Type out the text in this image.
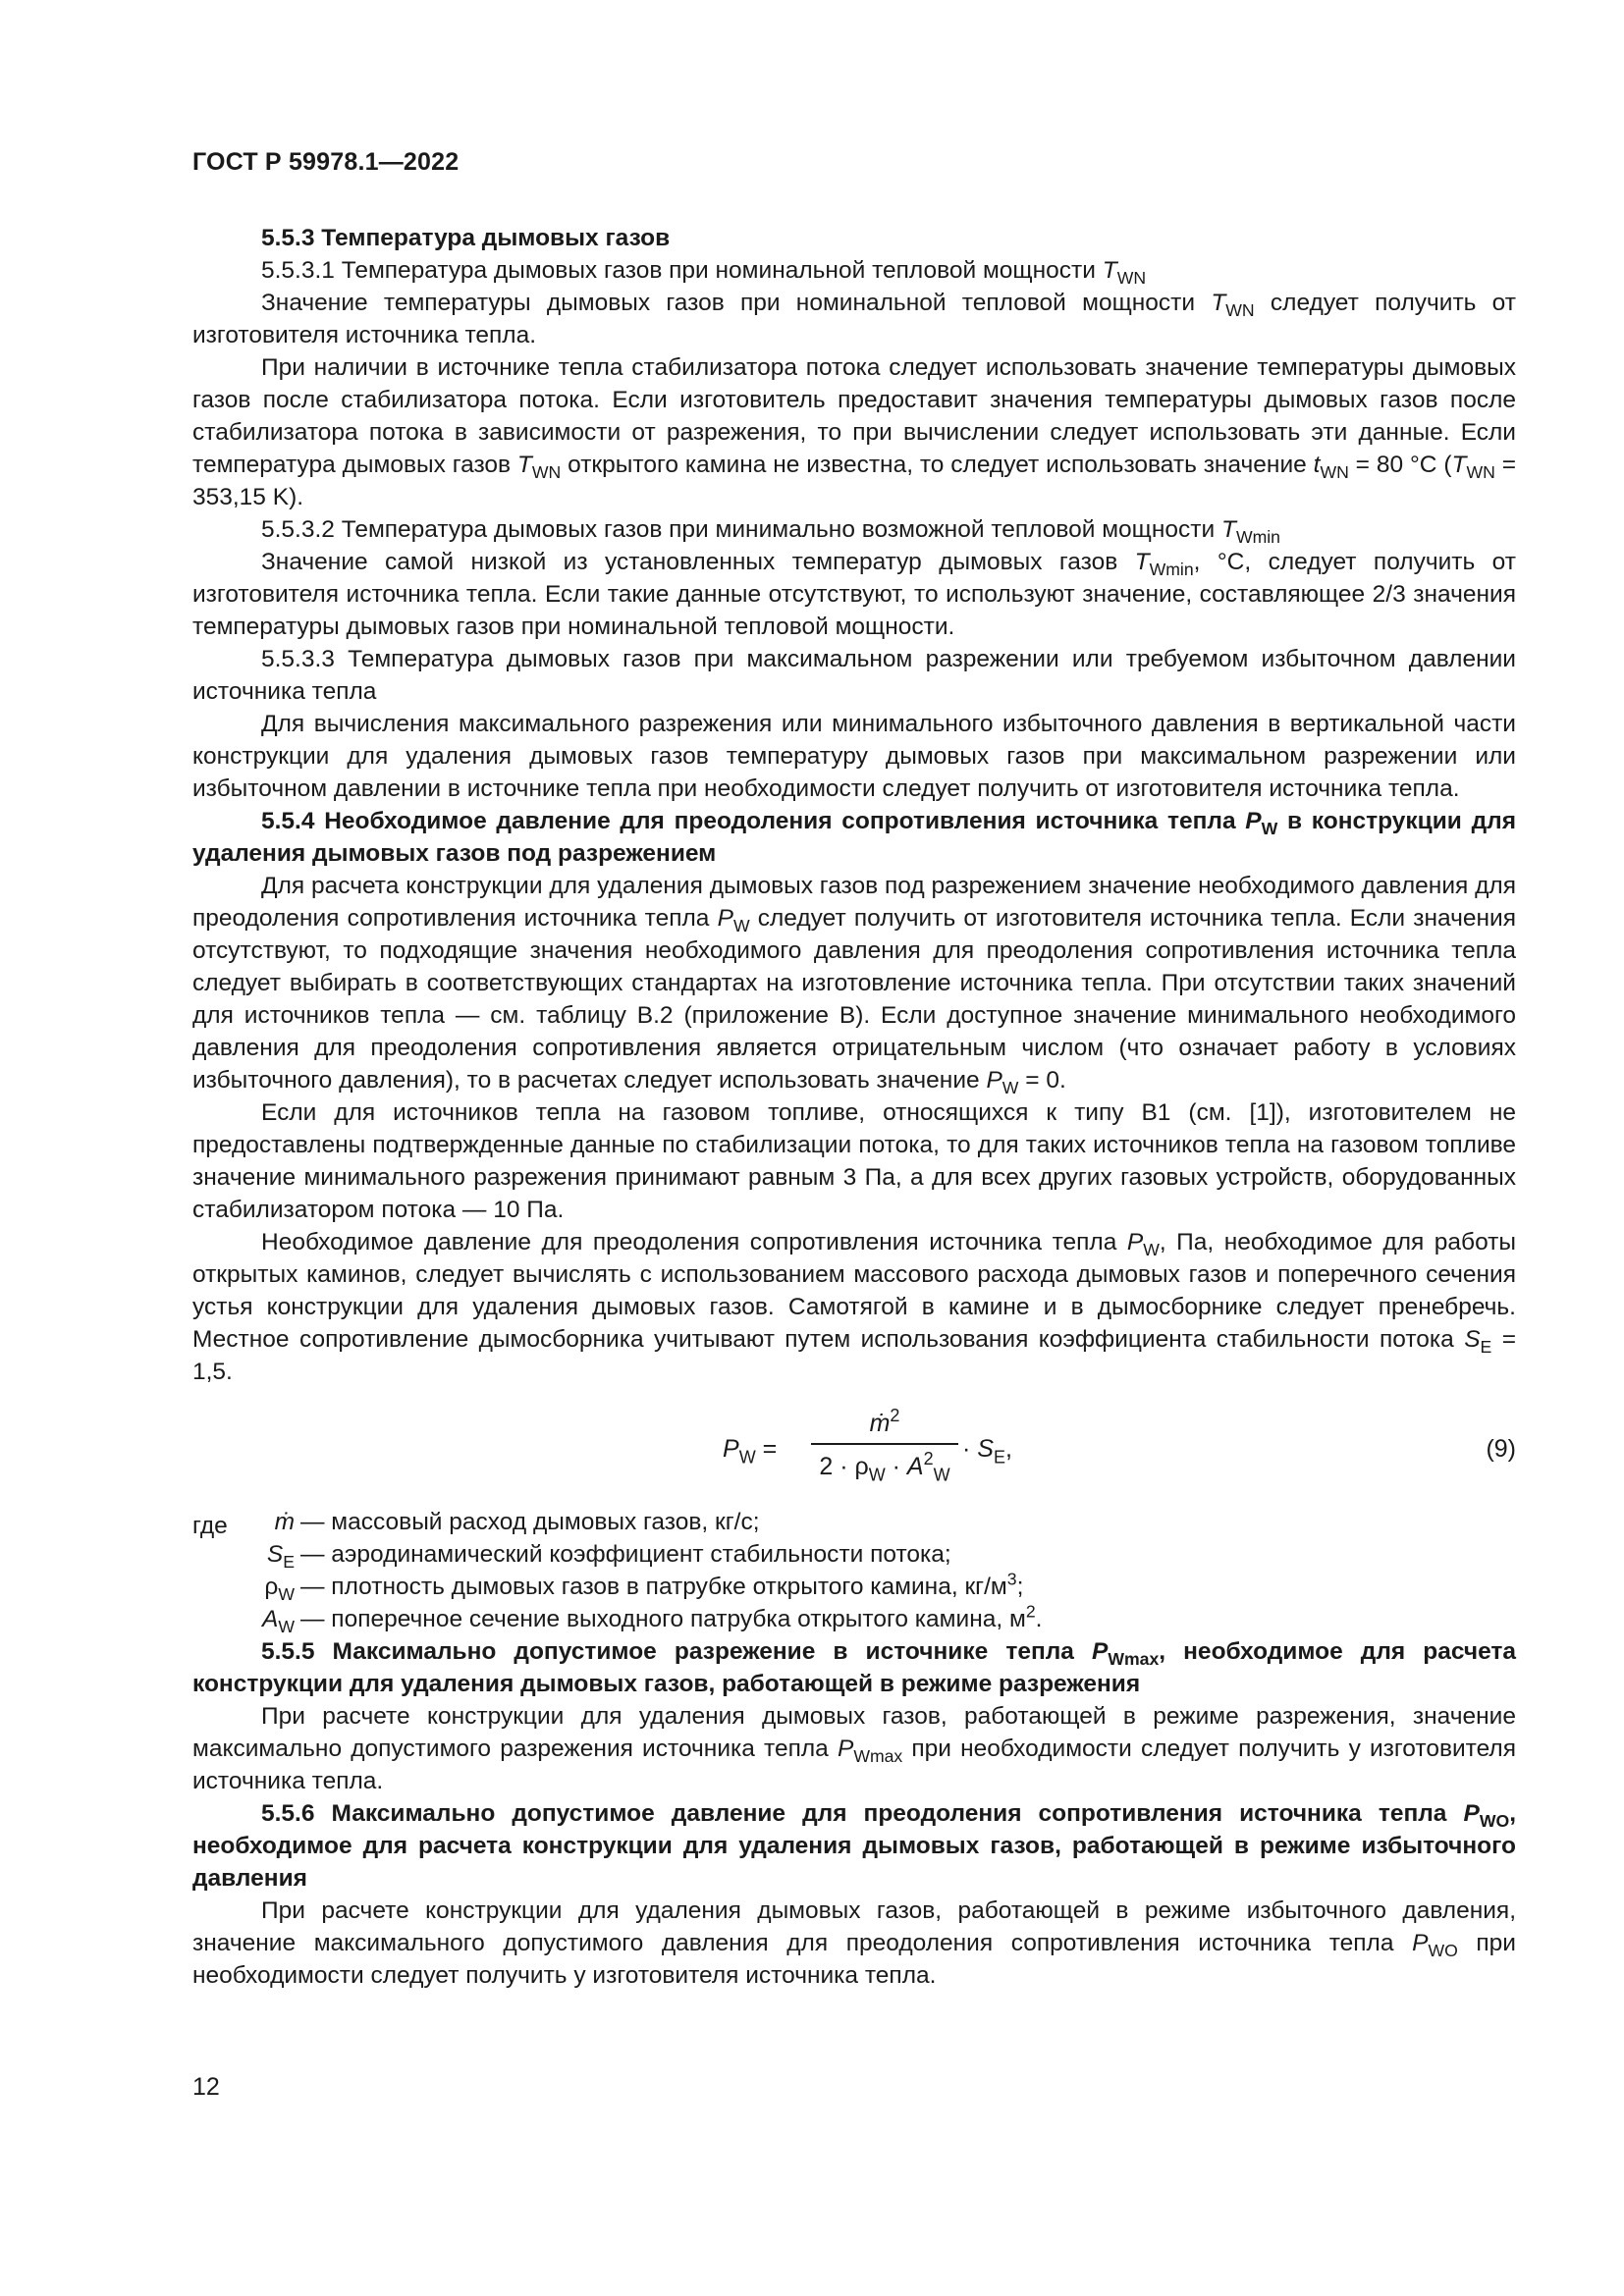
ГОСТ Р 59978.1—2022

5.5.3 Температура дымовых газов

5.5.3.1 Температура дымовых газов при номинальной тепловой мощности $T_{WN}$

Значение температуры дымовых газов при номинальной тепловой мощности $T_{WN}$ следует получить от изготовителя источника тепла.

При наличии в источнике тепла стабилизатора потока следует использовать значение температуры дымовых газов после стабилизатора потока. Если изготовитель предоставит значения температуры дымовых газов после стабилизатора потока в зависимости от разрежения, то при вычислении следует использовать эти данные. Если температура дымовых газов $T_{WN}$ открытого камина не известна, то следует использовать значение $t_{WN} = 80$ °C ($T_{WN} = 353,15$ K).

5.5.3.2 Температура дымовых газов при минимально возможной тепловой мощности $T_{Wmin}$

Значение самой низкой из установленных температур дымовых газов $T_{Wmin}$, °C, следует получить от изготовителя источника тепла. Если такие данные отсутствуют, то используют значение, составляющее 2/3 значения температуры дымовых газов при номинальной тепловой мощности.

5.5.3.3 Температура дымовых газов при максимальном разрежении или требуемом избыточном давлении источника тепла

Для вычисления максимального разрежения или минимального избыточного давления в вертикальной части конструкции для удаления дымовых газов температуру дымовых газов при максимальном разрежении или избыточном давлении в источнике тепла при необходимости следует получить от изготовителя источника тепла.

5.5.4 Необходимое давление для преодоления сопротивления источника тепла $P_W$ в конструкции для удаления дымовых газов под разрежением

Для расчета конструкции для удаления дымовых газов под разрежением значение необходимого давления для преодоления сопротивления источника тепла $P_W$ следует получить от изготовителя источника тепла. Если значения отсутствуют, то подходящие значения необходимого давления для преодоления сопротивления источника тепла следует выбирать в соответствующих стандартах на изготовление источника тепла. При отсутствии таких значений для источников тепла — см. таблицу В.2 (приложение В). Если доступное значение минимального необходимого давления для преодоления сопротивления является отрицательным числом (что означает работу в условиях избыточного давления), то в расчетах следует использовать значение $P_W = 0$.

Если для источников тепла на газовом топливе, относящихся к типу B1 (см. [1]), изготовителем не предоставлены подтвержденные данные по стабилизации потока, то для таких источников тепла на газовом топливе значение минимального разрежения принимают равным 3 Па, а для всех других газовых устройств, оборудованных стабилизатором потока — 10 Па.

Необходимое давление для преодоления сопротивления источника тепла $P_W$, Па, необходимое для работы открытых каминов, следует вычислять с использованием массового расхода дымовых газов и поперечного сечения устья конструкции для удаления дымовых газов. Самотягой в камине и в дымосборнике следует пренебречь. Местное сопротивление дымосборника учитывают путем использования коэффициента стабильности потока $S_E = 1,5$.

$P_W$ =
ṁ$^2$
$2 \cdot \rho_W \cdot A^2_W$
· $S_E$,	(9)
где ṁ — массовый расход дымовых газов, кг/с;
$S_E$ — аэродинамический коэффициент стабильности потока;
$\rho_W$ — плотность дымовых газов в патрубке открытого камина, $кг/м^3$;
$A_W$ — поперечное сечение выходного патрубка открытого камина, $м^2$.

5.5.5 Максимально допустимое разрежение в источнике тепла $P_{Wmax}$, необходимое для расчета конструкции для удаления дымовых газов, работающей в режиме разрежения

При расчете конструкции для удаления дымовых газов, работающей в режиме разрежения, значение максимально допустимого разрежения источника тепла $P_{Wmax}$ при необходимости следует получить у изготовителя источника тепла.

5.5.6 Максимально допустимое давление для преодоления сопротивления источника тепла $P_{WO}$, необходимое для расчета конструкции для удаления дымовых газов, работающей в режиме избыточного давления

При расчете конструкции для удаления дымовых газов, работающей в режиме избыточного давления, значение максимального допустимого давления для преодоления сопротивления источника тепла $P_{WO}$ при необходимости следует получить у изготовителя источника тепла.

12
